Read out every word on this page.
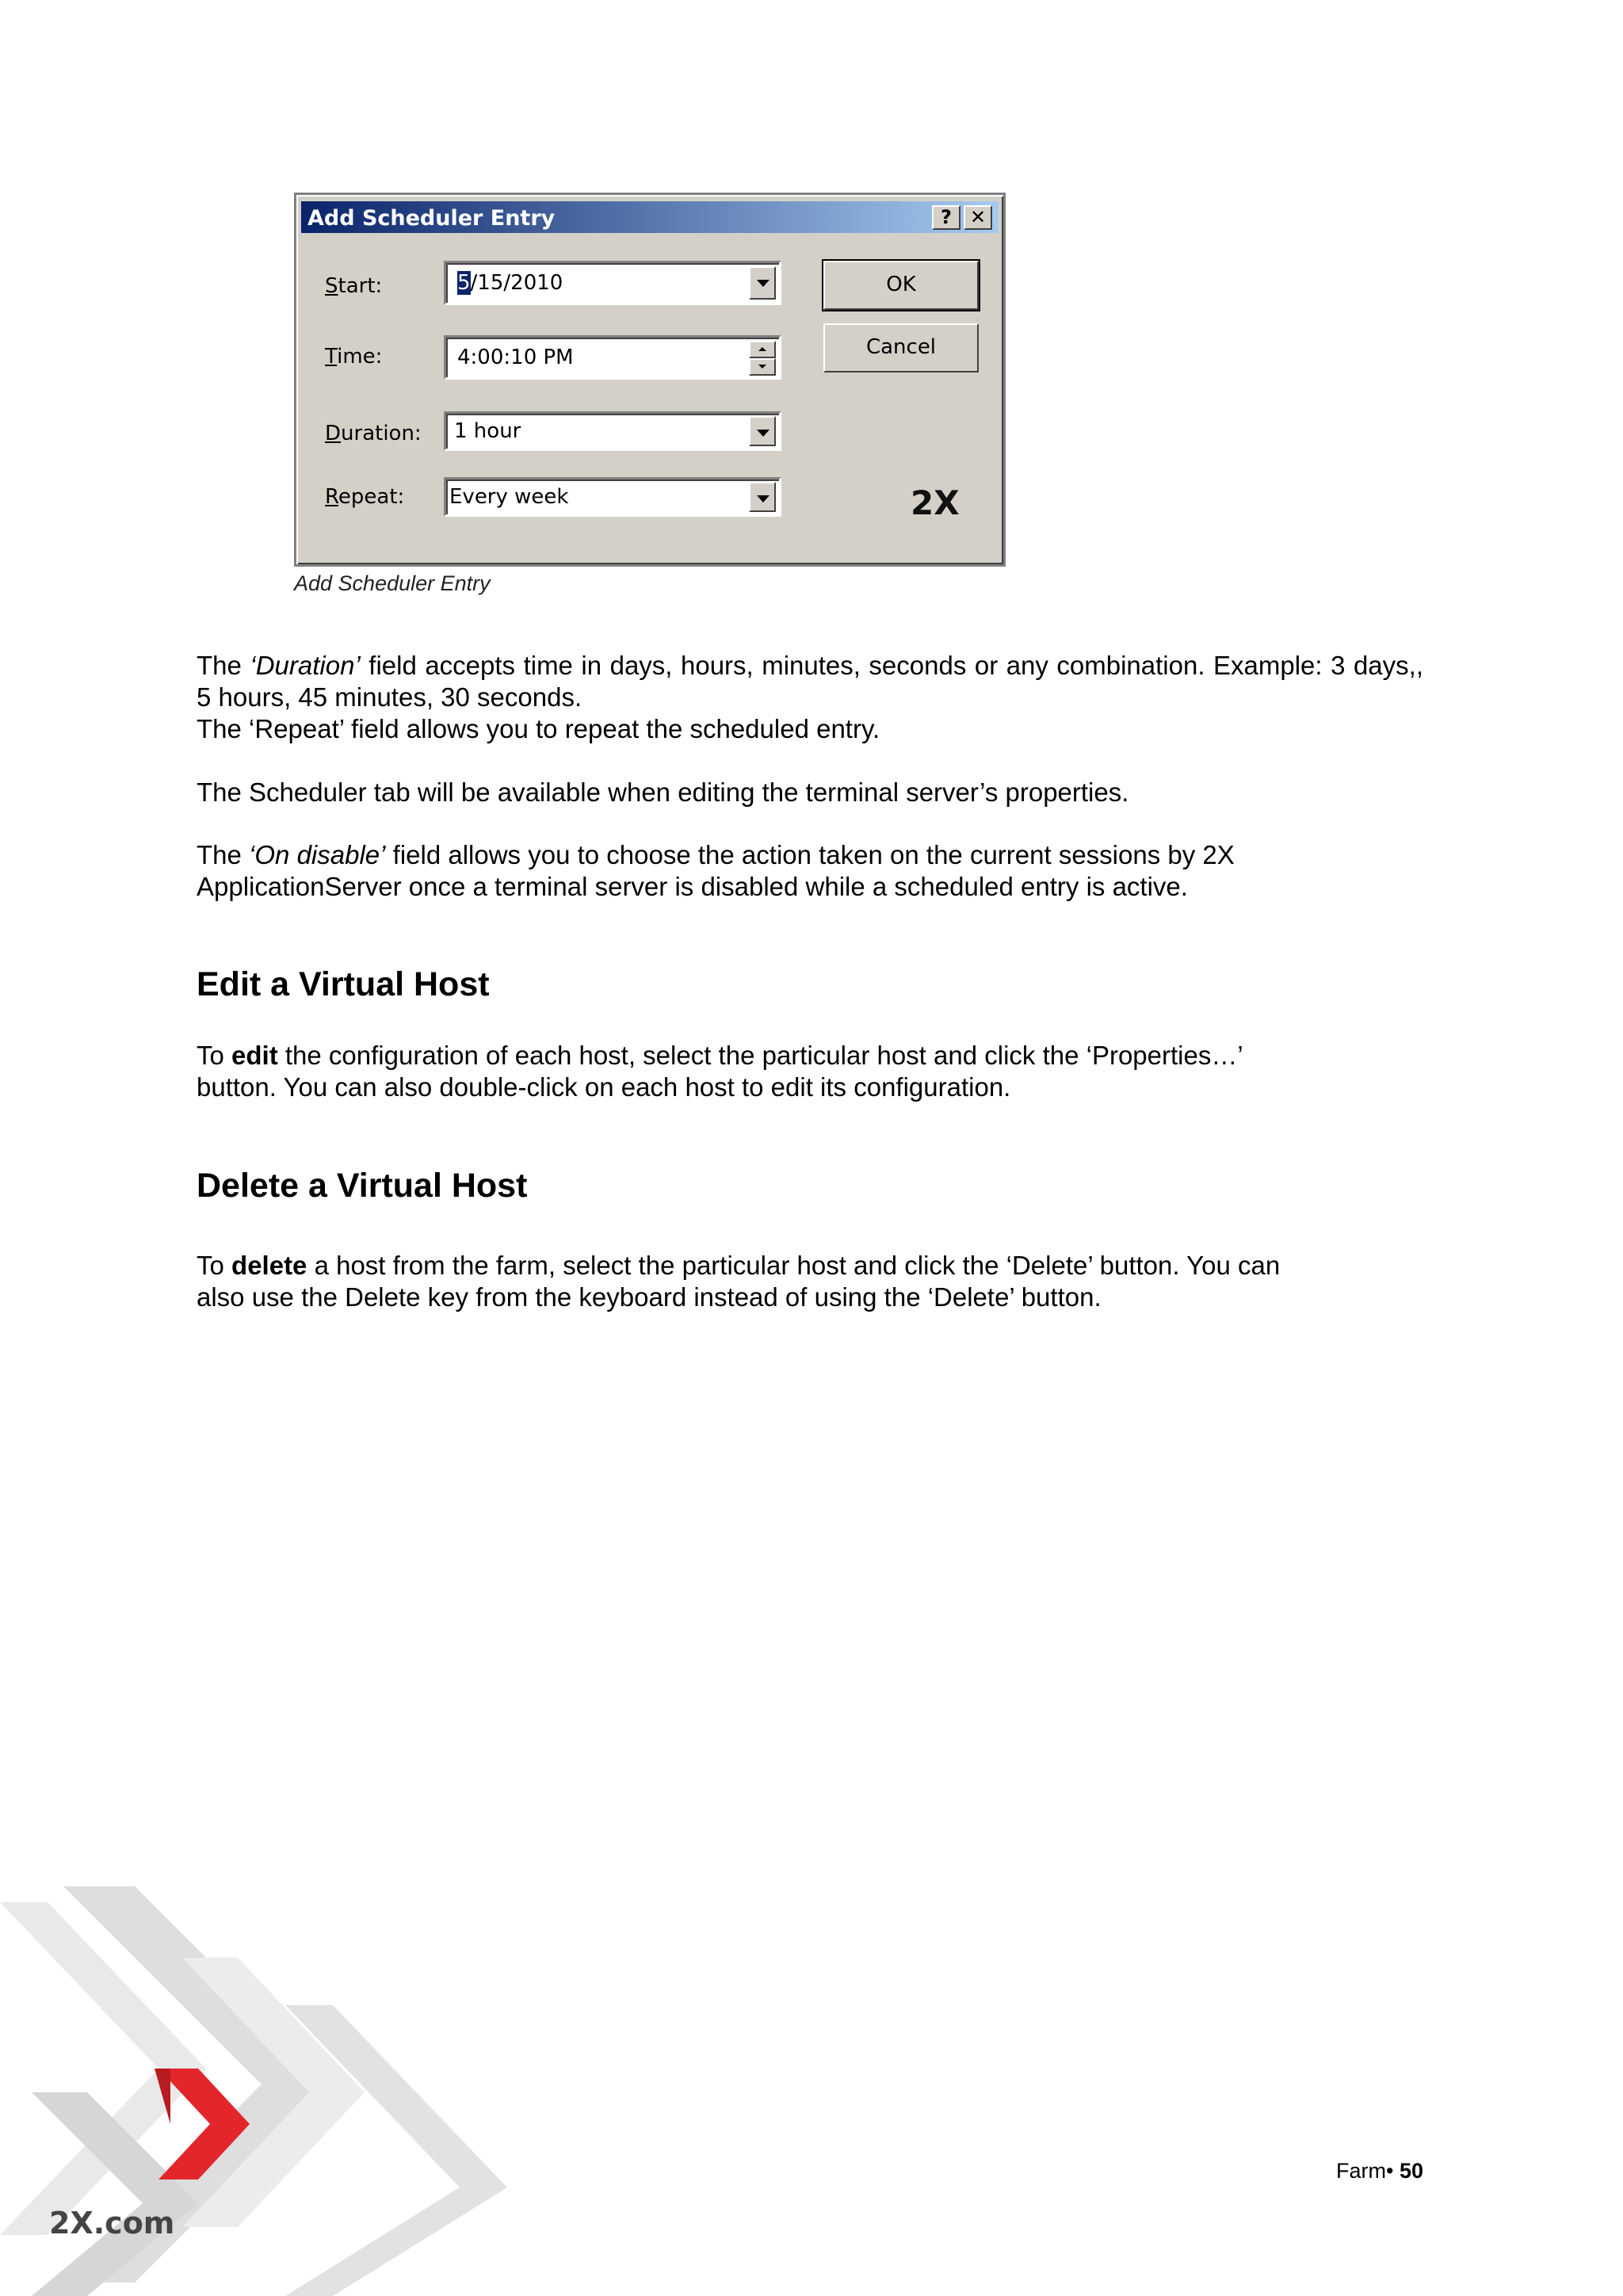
2X.com
Add Scheduler Entry	? ✕
Start:	5/15/2010
Time:	4:00:10 PM
Duration: 1 hour
Repeat: Every week
OK
Cancel
2X
Add Scheduler Entry

The ‘Duration’ field accepts time in days, hours, minutes, seconds or any combination. Example: 3 days,, 5 hours, 45 minutes, 30 seconds.

The ‘Repeat’ field allows you to repeat the scheduled entry.

The Scheduler tab will be available when editing the terminal server’s properties.

The ‘On disable’ field allows you to choose the action taken on the current sessions by 2X ApplicationServer once a terminal server is disabled while a scheduled entry is active.

Edit a Virtual Host

To edit the configuration of each host, select the particular host and click the ‘Properties…’ button. You can also double-click on each host to edit its configuration.

Delete a Virtual Host

To delete a host from the farm, select the particular host and click the ‘Delete’ button. You can also use the Delete key from the keyboard instead of using the ‘Delete’ button.

Farm• 50
